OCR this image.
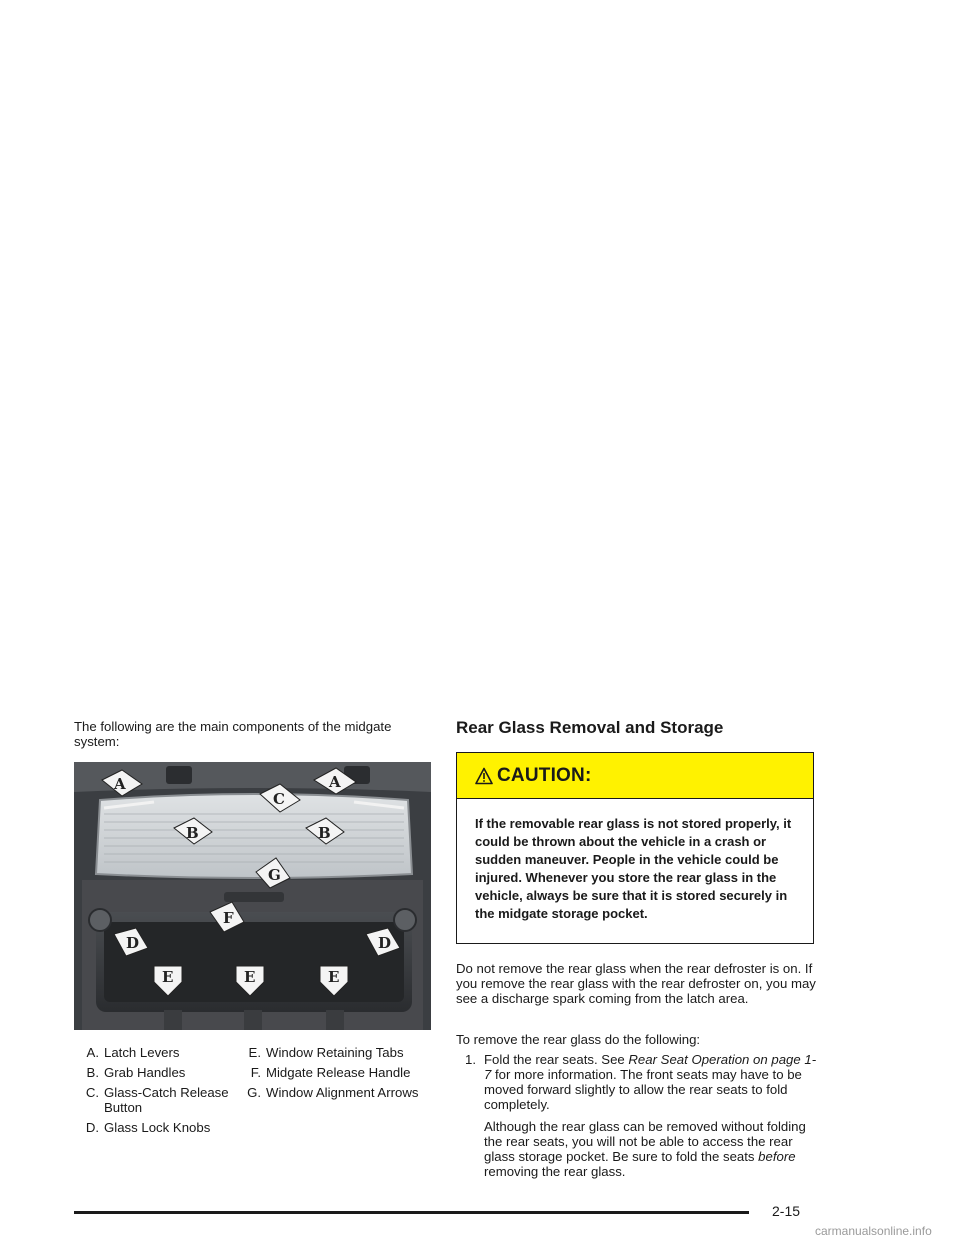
The following are the main components of the midgate system:

A	A
C
B	B
G
F
D	D
E	E	E
A. Latch Levers
B. Grab Handles
C. Glass-Catch Release Button
D. Glass Lock Knobs
E. Window Retaining Tabs
F. Midgate Release Handle
G. Window Alignment Arrows
Rear Glass Removal and Storage
CAUTION:
If the removable rear glass is not stored properly, it could be thrown about the vehicle in a crash or sudden maneuver. People in the vehicle could be injured. Whenever you store the rear glass in the vehicle, always be sure that it is stored securely in the midgate storage pocket.

Do not remove the rear glass when the rear defroster is on. If you remove the rear glass with the rear defroster on, you may see a discharge spark coming from the latch area.

To remove the rear glass do the following:

1. Fold the rear seats. See Rear Seat Operation on page 1-7 for more information. The front seats may have to be moved forward slightly to allow the rear seats to fold completely.
Although the rear glass can be removed without folding the rear seats, you will not be able to access the rear glass storage pocket. Be sure to fold the seats before removing the rear glass.
2-15
carmanualsonline.info
